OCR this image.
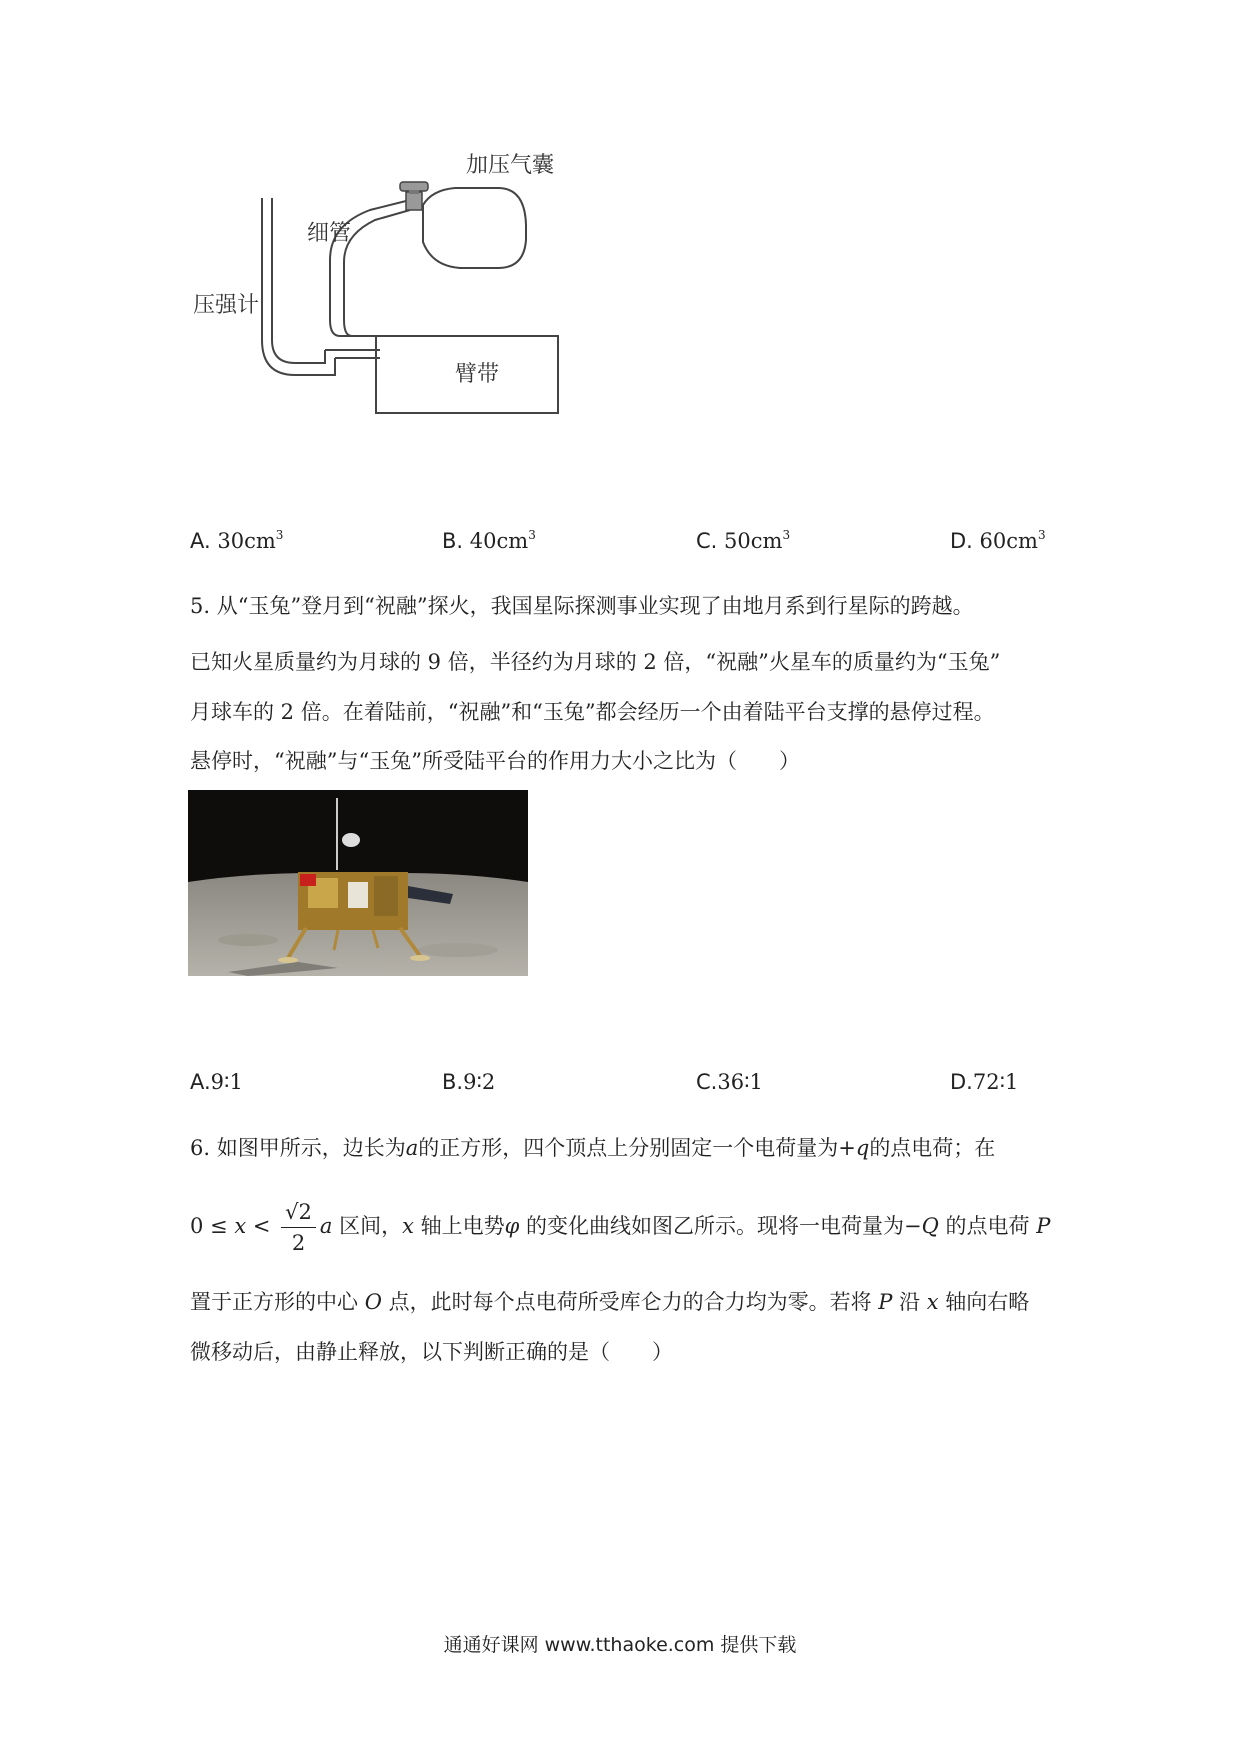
加压气囊
细管
压强计
臂带
A. $30cm^3$	B. $40cm^3$	C. $50cm^3$	D. $60cm^3$
5. 从“玉兔”登月到“祝融”探火，我国星际探测事业实现了由地月系到行星际的跨越。
已知火星质量约为月球的 9 倍，半径约为月球的 2 倍，“祝融”火星车的质量约为“玉兔”
月球车的 2 倍。在着陆前，“祝融”和“玉兔”都会经历一个由着陆平台支撑的悬停过程。
悬停时，“祝融”与“玉兔”所受陆平台的作用力大小之比为（　　）
A.9∶1	B.9∶2	C.36∶1	D.72∶1
6. 如图甲所示，边长为a的正方形，四个顶点上分别固定一个电荷量为+q的点电荷；在
$0 \le x < \frac{√2}{2}$ a 区间，x 轴上电势φ 的变化曲线如图乙所示。现将一电荷量为−Q 的点电荷 P
置于正方形的中心 O 点，此时每个点电荷所受库仑力的合力均为零。若将 P 沿 x 轴向右略
微移动后，由静止释放，以下判断正确的是（　　）
通通好课网 www.tthaoke.com 提供下载
